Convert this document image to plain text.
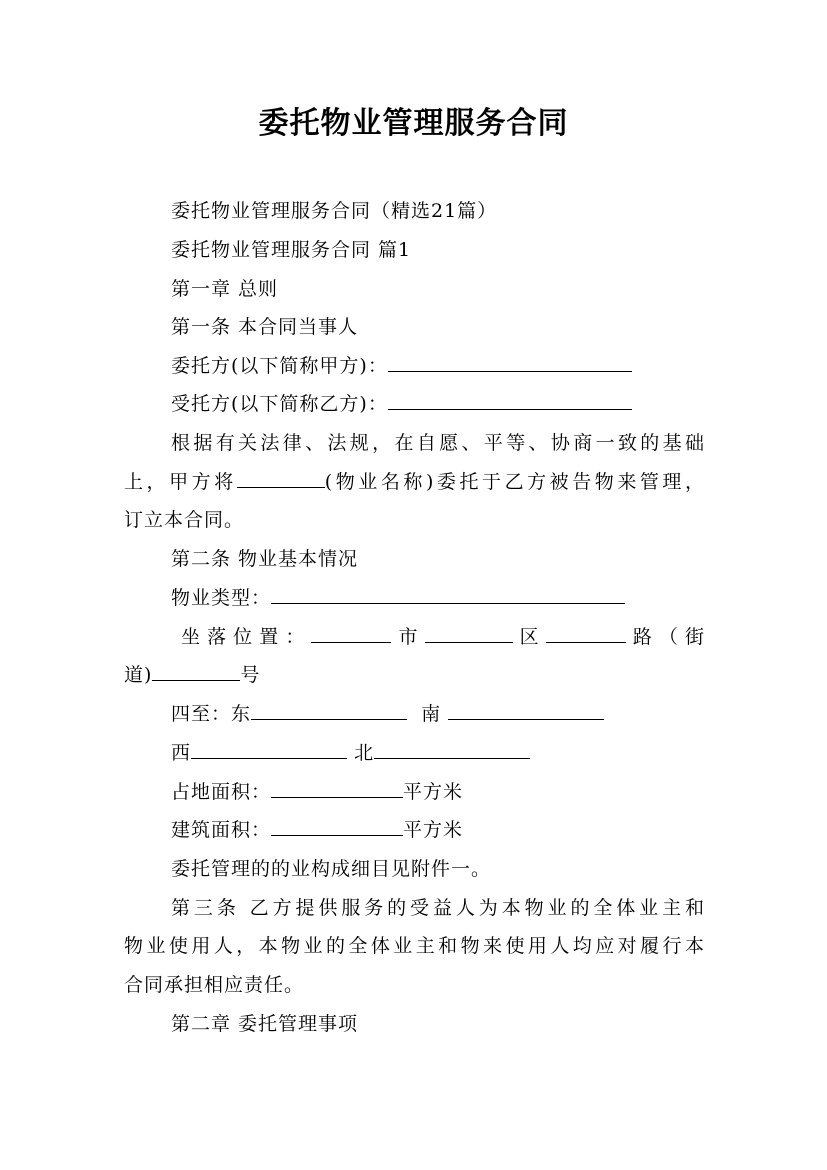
委托物业管理服务合同
委托物业管理服务合同（精选21篇）
委托物业管理服务合同 篇1
第一章 总则
第一条 本合同当事人
委托方(以下简称甲方)：
受托方(以下简称乙方)：
根据有关法律、法规，在自愿、平等、协商一致的基础
上，甲方将	(物业名称)委托于乙方被告物来管理，
订立本合同。
第二条 物业基本情况
物业类型：
坐落位置：	市	区	路（街
道)	号
四至：东	南
西	北
占地面积：	平方米
建筑面积：	平方米
委托管理的的业构成细目见附件一。
第三条 乙方提供服务的受益人为本物业的全体业主和
物业使用人，本物业的全体业主和物来使用人均应对履行本
合同承担相应责任。
第二章 委托管理事项
